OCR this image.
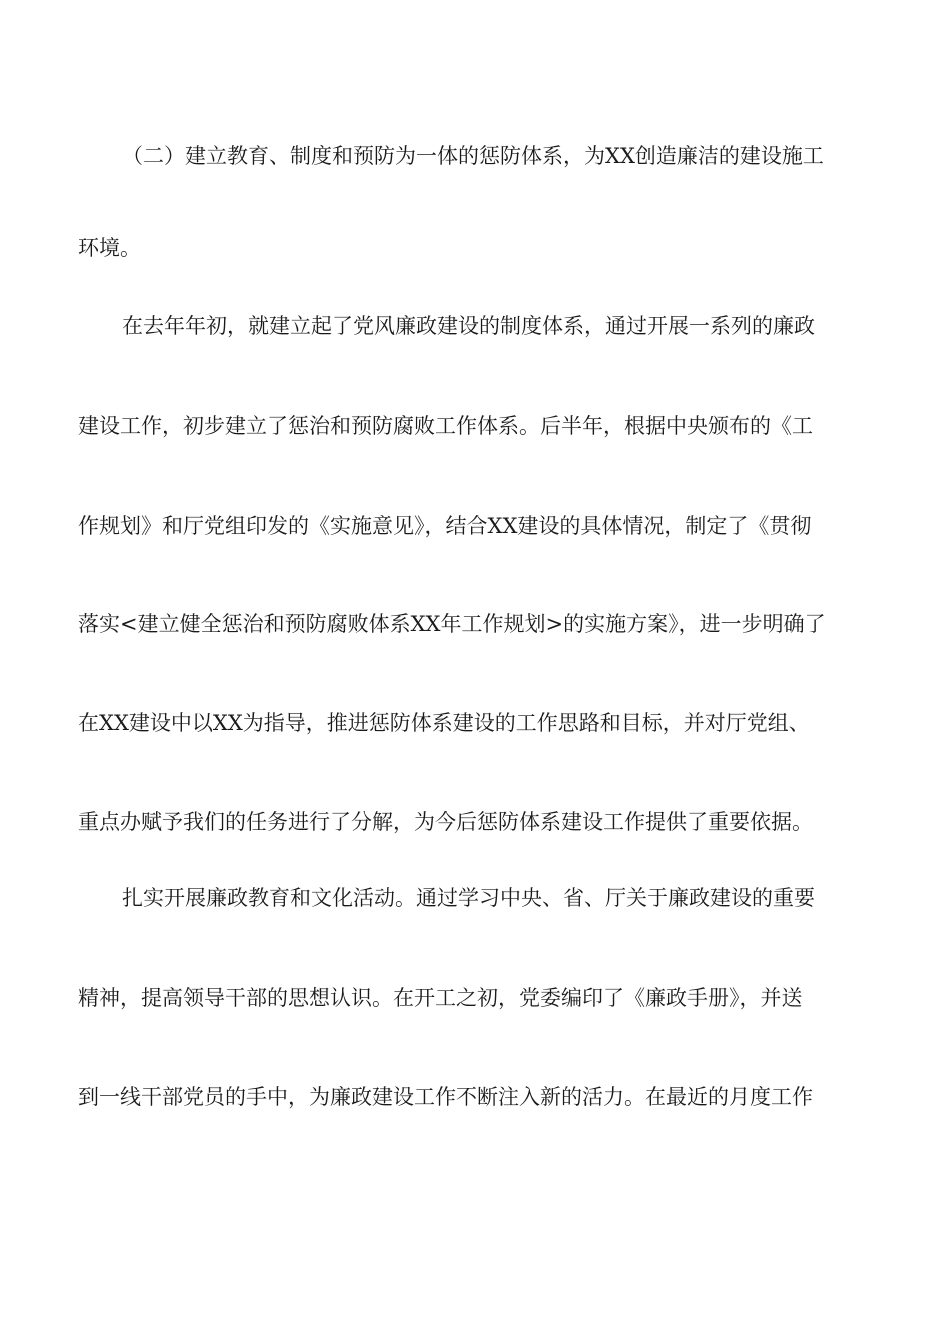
（二）建立教育、制度和预防为一体的惩防体系，为XX创造廉洁的建设施工
环境。
在去年年初，就建立起了党风廉政建设的制度体系，通过开展一系列的廉政
建设工作，初步建立了惩治和预防腐败工作体系。后半年，根据中央颁布的《工
作规划》和厅党组印发的《实施意见》，结合XX建设的具体情况，制定了《贯彻
落实<建立健全惩治和预防腐败体系XX年工作规划>的实施方案》，进一步明确了
在XX建设中以XX为指导，推进惩防体系建设的工作思路和目标，并对厅党组、
重点办赋予我们的任务进行了分解，为今后惩防体系建设工作提供了重要依据。
扎实开展廉政教育和文化活动。通过学习中央、省、厅关于廉政建设的重要
精神，提高领导干部的思想认识。在开工之初，党委编印了《廉政手册》，并送
到一线干部党员的手中，为廉政建设工作不断注入新的活力。在最近的月度工作
